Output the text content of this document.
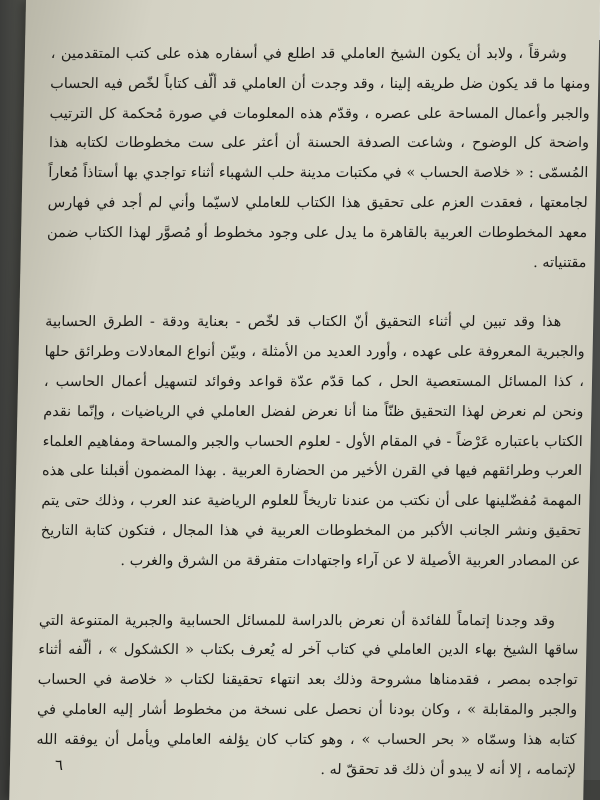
وشرقاً ، ولابد أن يكون الشيخ العاملي قد اطلع في أسفاره هذه على كتب المتقدمين ، ومنها ما قد يكون ضل طريقه إلينا ، وقد وجدت أن العاملي قد ألّف كتاباً لخّص فيه الحساب والجبر وأعمال المساحة على عصره ، وقدّم هذه المعلومات في صورة مُحكمة كل الترتيب واضحة كل الوضوح ، وشاعت الصدفة الحسنة أن أعثر على ست مخطوطات لكتابه هذا المُسمّى : « خلاصة الحساب » في مكتبات مدينة حلب الشهباء أثناء تواجدي بها أستاذاً مُعاراً لجامعتها ، فعقدت العزم على تحقيق هذا الكتاب للعاملي لاسيّما وأني لم أجد في فهارس معهد المخطوطات العربية بالقاهرة ما يدل على وجود مخطوط أو مُصوَّر لهذا الكتاب ضمن مقتنياته .

هذا وقد تبين لي أثناء التحقيق أنّ الكتاب قد لخّص - بعناية ودقة - الطرق الحسابية والجبرية المعروفة على عهده ، وأورد العديد من الأمثلة ، وبيّن أنواع المعادلات وطرائق حلها ، كذا المسائل المستعصية الحل ، كما قدّم عدّة قواعد وفوائد لتسهيل أعمال الحاسب ، ونحن لم نعرض لهذا التحقيق ظنّاً منا أنا نعرض لفضل العاملي في الرياضيات ، وإنّما نقدم الكتاب باعتباره عَرْضاً - في المقام الأول - لعلوم الحساب والجبر والمساحة ومفاهيم العلماء العرب وطرائقهم فيها في القرن الأخير من الحضارة العربية . بهذا المضمون أقبلنا على هذه المهمة مُفضّلينها على أن نكتب من عندنا تاريخاً للعلوم الرياضية عند العرب ، وذلك حتى يتم تحقيق ونشر الجانب الأكبر من المخطوطات العربية في هذا المجال ، فتكون كتابة التاريخ عن المصادر العربية الأصيلة لا عن آراء واجتهادات متفرقة من الشرق والغرب .

وقد وجدنا إتماماً للفائدة أن نعرض بالدراسة للمسائل الحسابية والجبرية المتنوعة التي ساقها الشيخ بهاء الدين العاملي في كتاب آخر له يُعرف بكتاب « الكشكول » ، ألّفه أثناء تواجده بمصر ، فقدمناها مشروحة وذلك بعد انتهاء تحقيقنا لكتاب « خلاصة في الحساب والجبر والمقابلة » ، وكان بودنا أن نحصل على نسخة من مخطوط أشار إليه العاملي في كتابه هذا وسمّاه « بحر الحساب » ، وهو كتاب كان يؤلفه العاملي ويأمل أن يوفقه الله لإتمامه ، إلا أنه لا يبدو أن ذلك قد تحققّ له .

٦
